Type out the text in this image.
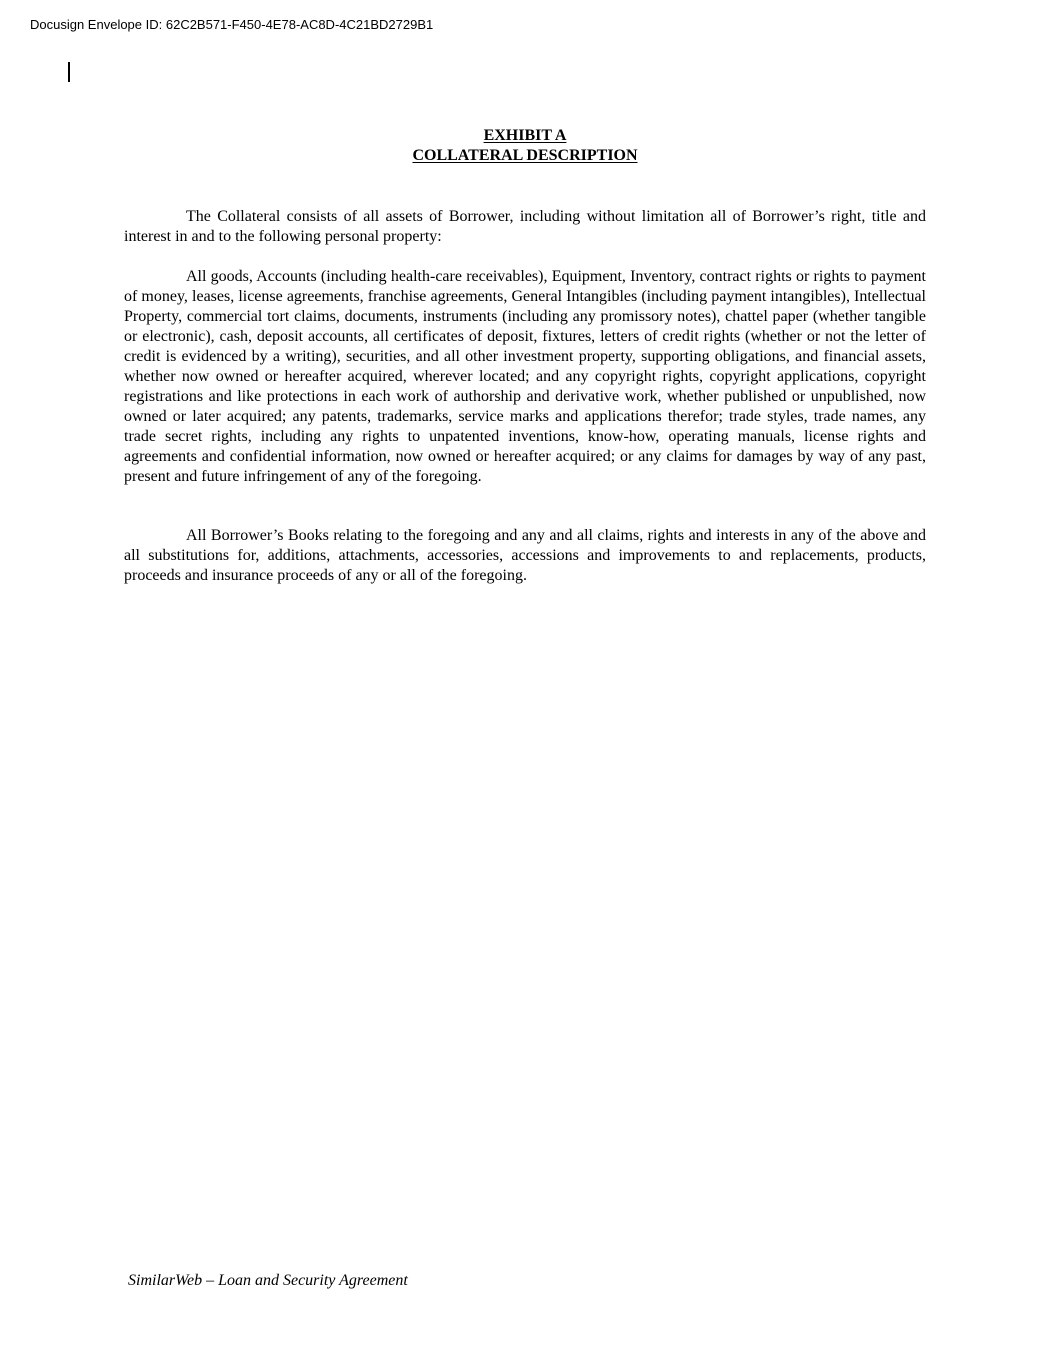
Docusign Envelope ID: 62C2B571-F450-4E78-AC8D-4C21BD2729B1
EXHIBIT A
COLLATERAL DESCRIPTION

The Collateral consists of all assets of Borrower, including without limitation all of Borrower’s right, title and interest in and to the following personal property:

All goods, Accounts (including health-care receivables), Equipment, Inventory, contract rights or rights to payment of money, leases, license agreements, franchise agreements, General Intangibles (including payment intangibles), Intellectual Property, commercial tort claims, documents, instruments (including any promissory notes), chattel paper (whether tangible or electronic), cash, deposit accounts, all certificates of deposit, fixtures, letters of credit rights (whether or not the letter of credit is evidenced by a writing), securities, and all other investment property, supporting obligations, and financial assets, whether now owned or hereafter acquired, wherever located; and any copyright rights, copyright applications, copyright registrations and like protections in each work of authorship and derivative work, whether published or unpublished, now owned or later acquired; any patents, trademarks, service marks and applications therefor; trade styles, trade names, any trade secret rights, including any rights to unpatented inventions, know-how, operating manuals, license rights and agreements and confidential information, now owned or hereafter acquired; or any claims for damages by way of any past, present and future infringement of any of the foregoing.

All Borrower’s Books relating to the foregoing and any and all claims, rights and interests in any of the above and all substitutions for, additions, attachments, accessories, accessions and improvements to and replacements, products, proceeds and insurance proceeds of any or all of the foregoing.

SimilarWeb – Loan and Security Agreement
